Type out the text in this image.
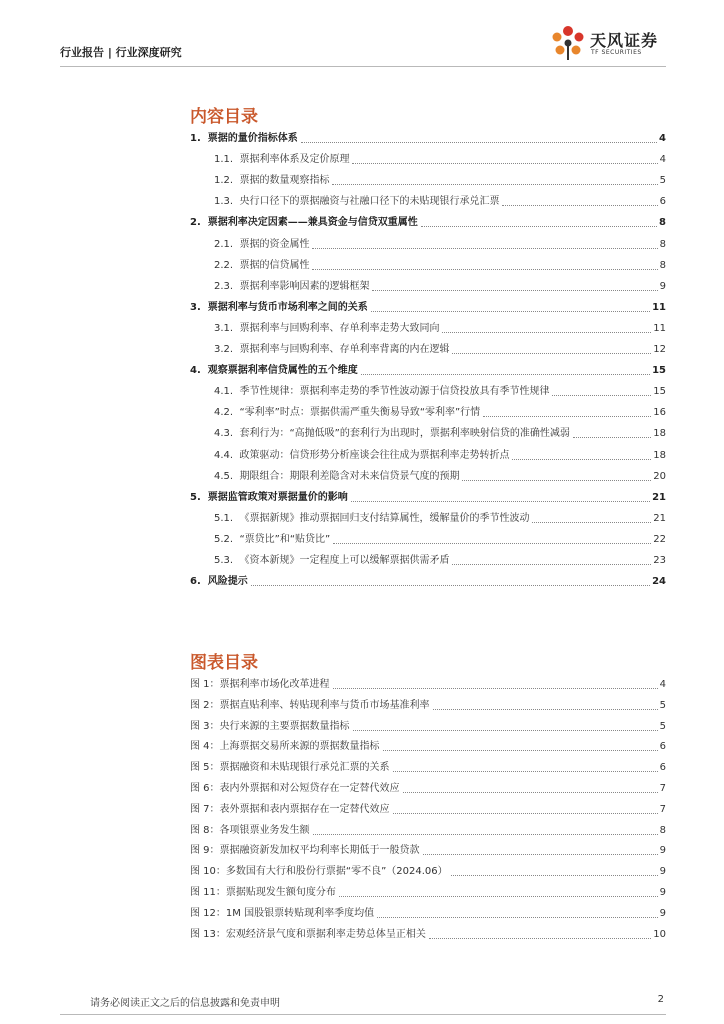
行业报告 | 行业深度研究
天风证券
TF SECURITIES
内容目录
1. 票据的量价指标体系	4
1.1. 票据利率体系及定价原理	4
1.2. 票据的数量观察指标	5
1.3. 央行口径下的票据融资与社融口径下的未贴现银行承兑汇票	6
2. 票据利率决定因素——兼具资金与信贷双重属性	8
2.1. 票据的资金属性	8
2.2. 票据的信贷属性	8
2.3. 票据利率影响因素的逻辑框架	9
3. 票据利率与货币市场利率之间的关系	11
3.1. 票据利率与回购利率、存单利率走势大致同向	11
3.2. 票据利率与回购利率、存单利率背离的内在逻辑	12
4. 观察票据利率信贷属性的五个维度	15
4.1. 季节性规律：票据利率走势的季节性波动源于信贷投放具有季节性规律	15
4.2. “零利率”时点：票据供需严重失衡易导致“零利率”行情	16
4.3. 套利行为：“高抛低吸”的套利行为出现时，票据利率映射信贷的准确性减弱	18
4.4. 政策驱动：信贷形势分析座谈会往往成为票据利率走势转折点	18
4.5. 期限组合：期限利差隐含对未来信贷景气度的预期	20
5. 票据监管政策对票据量价的影响	21
5.1. 《票据新规》推动票据回归支付结算属性，缓解量价的季节性波动	21
5.2. “票贷比”和“贴贷比”	22
5.3. 《资本新规》一定程度上可以缓解票据供需矛盾	23
6. 风险提示	24
图表目录
图 1：票据利率市场化改革进程	4
图 2：票据直贴利率、转贴现利率与货币市场基准利率	5
图 3：央行来源的主要票据数量指标	5
图 4：上海票据交易所来源的票据数量指标	6
图 5：票据融资和未贴现银行承兑汇票的关系	6
图 6：表内外票据和对公短贷存在一定替代效应	7
图 7：表外票据和表内票据存在一定替代效应	7
图 8：各项银票业务发生额	8
图 9：票据融资新发加权平均利率长期低于一般贷款	9
图 10：多数国有大行和股份行票据“零不良”（2024.06）	9
图 11：票据贴现发生额旬度分布	9
图 12：1M 国股银票转贴现利率季度均值	9
图 13：宏观经济景气度和票据利率走势总体呈正相关	10
请务必阅读正文之后的信息披露和免责申明	2
